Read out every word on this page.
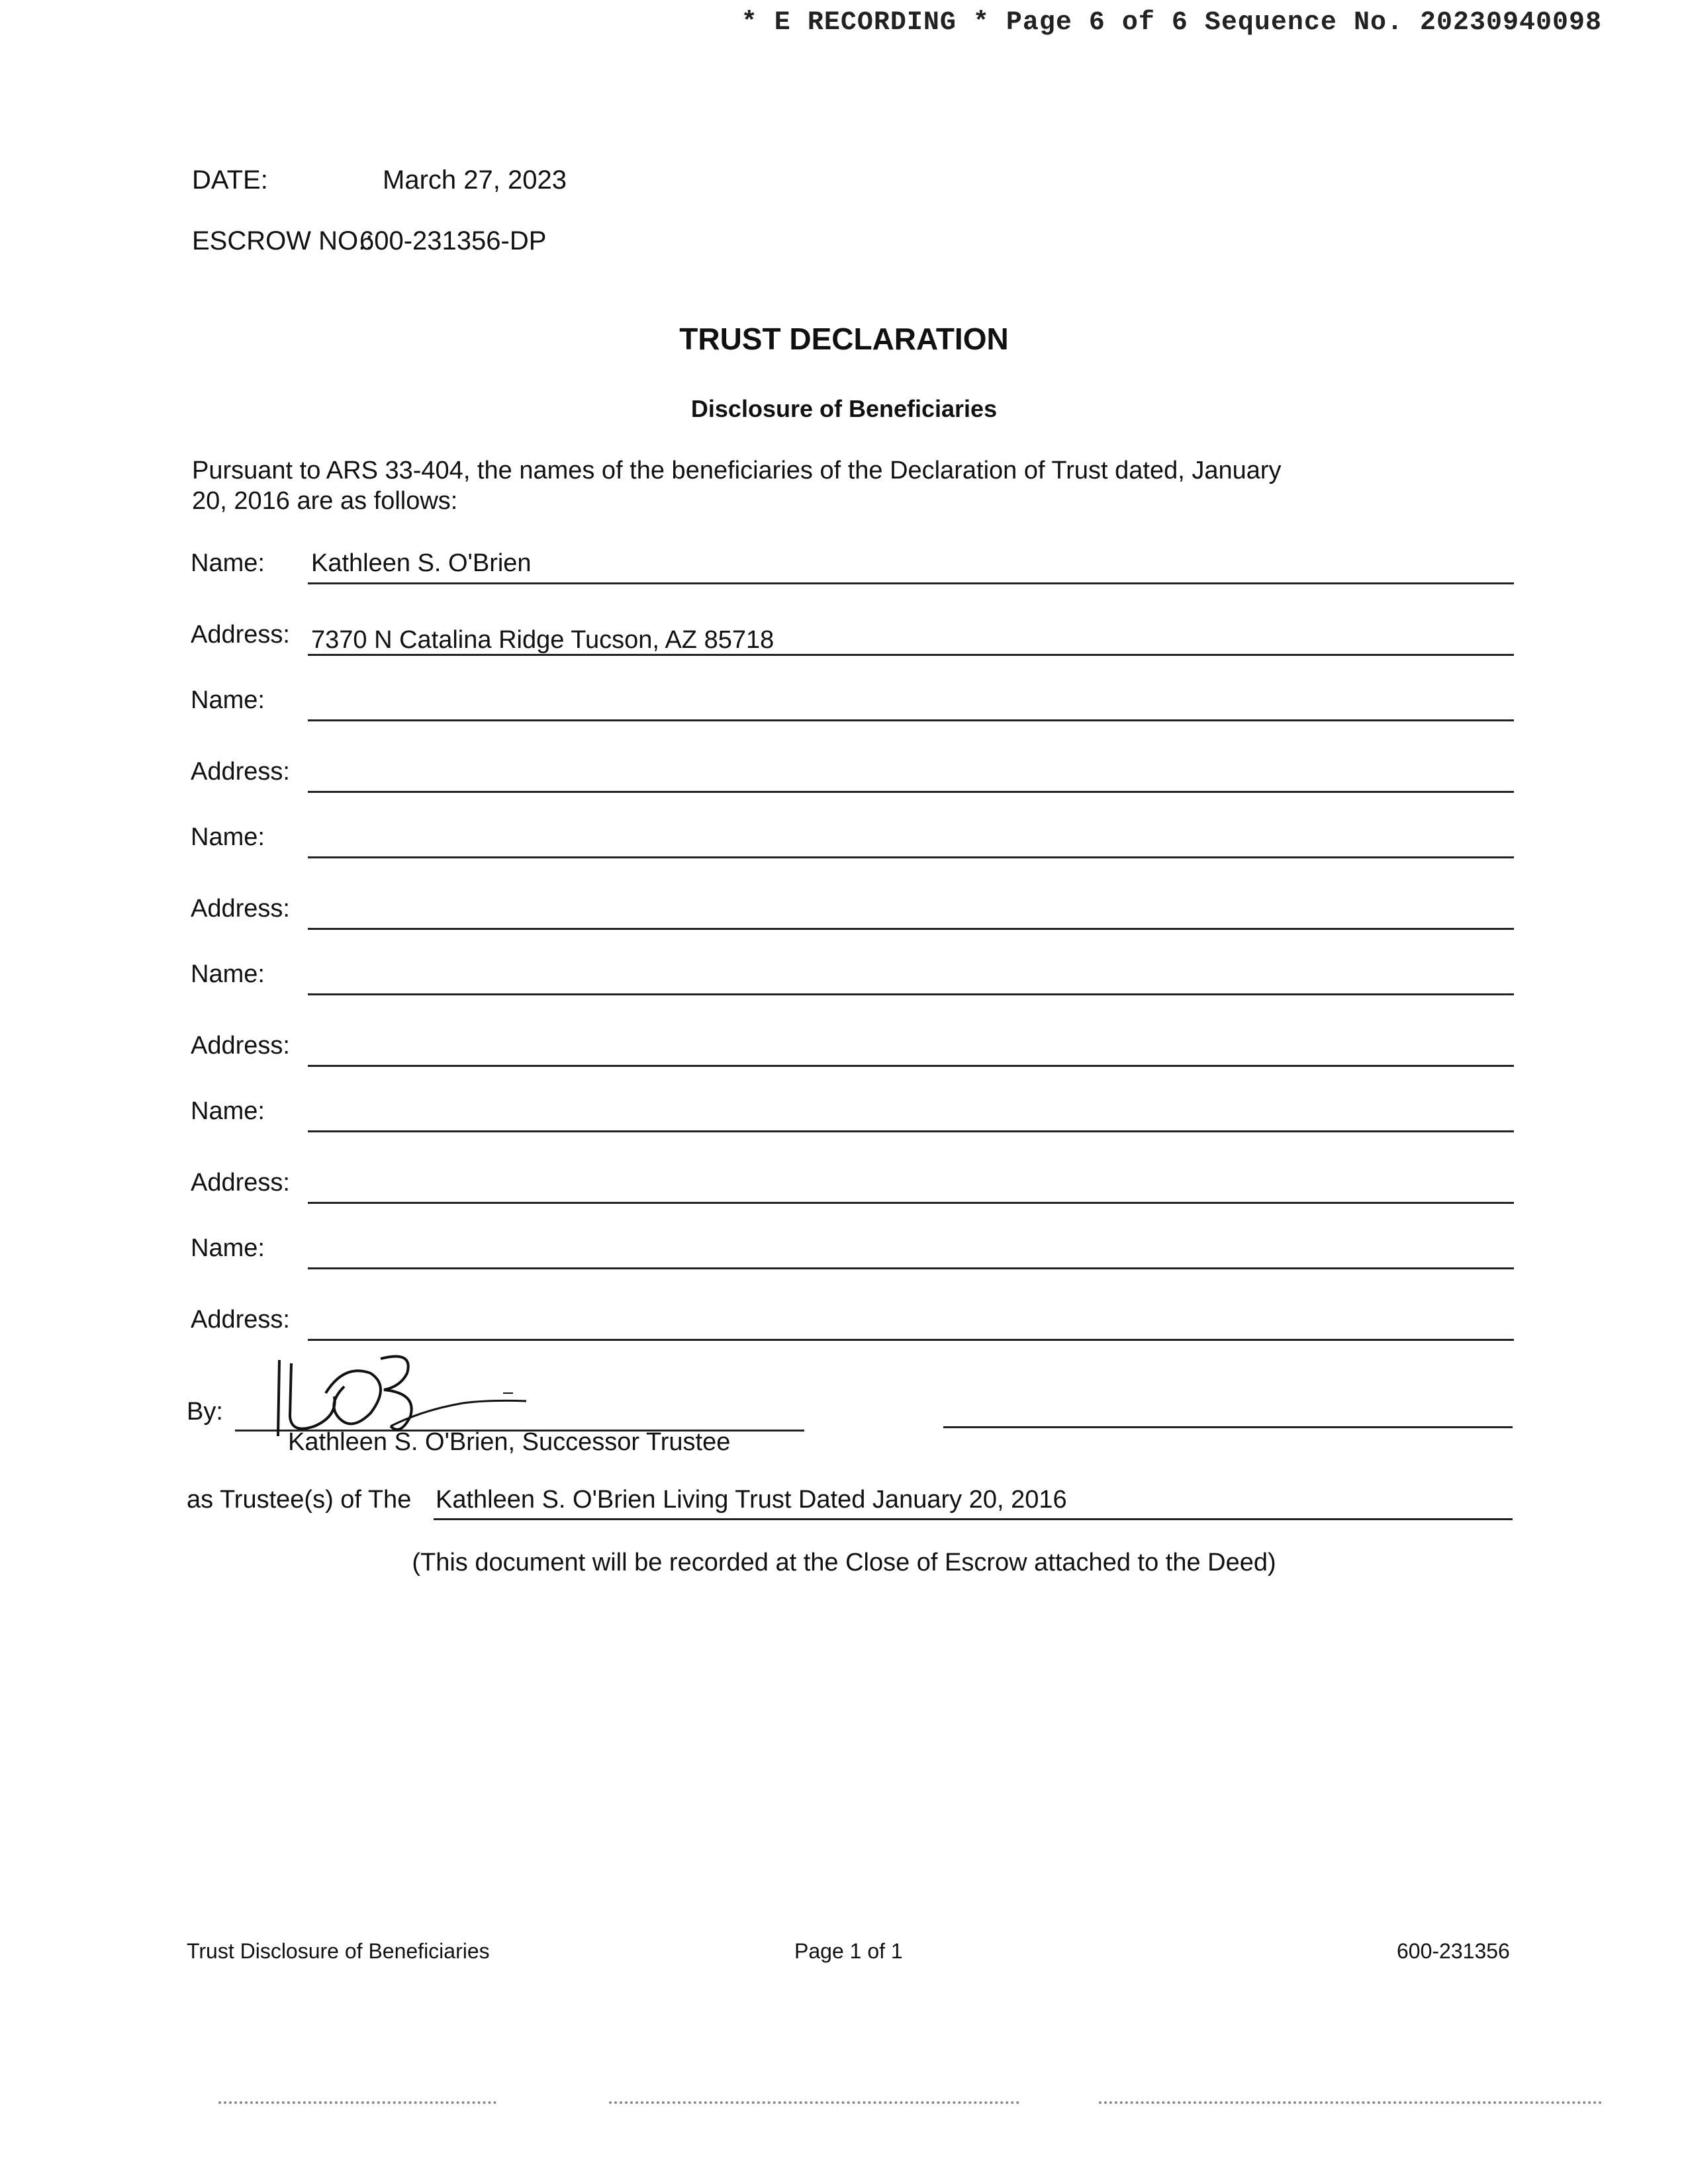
* E RECORDING * Page 6 of 6 Sequence No. 20230940098
DATE:	March 27, 2023
ESCROW NO.:
600-231356-DP
TRUST DECLARATION
Disclosure of Beneficiaries
Pursuant to ARS 33-404, the names of the beneficiaries of the Declaration of Trust dated, January 20, 2016 are as follows:
Name: Kathleen S. O'Brien
Address: 7370 N Catalina Ridge Tucson, AZ 85718
Name:
Address:
Name:
Address:
Name:
Address:
Name:
Address:
Name:
Address:
By:
Kathleen S. O'Brien, Successor Trustee
as Trustee(s) of The Kathleen S. O'Brien Living Trust Dated January 20, 2016
(This document will be recorded at the Close of Escrow attached to the Deed)
Trust Disclosure of Beneficiaries	Page 1 of 1	600-231356
